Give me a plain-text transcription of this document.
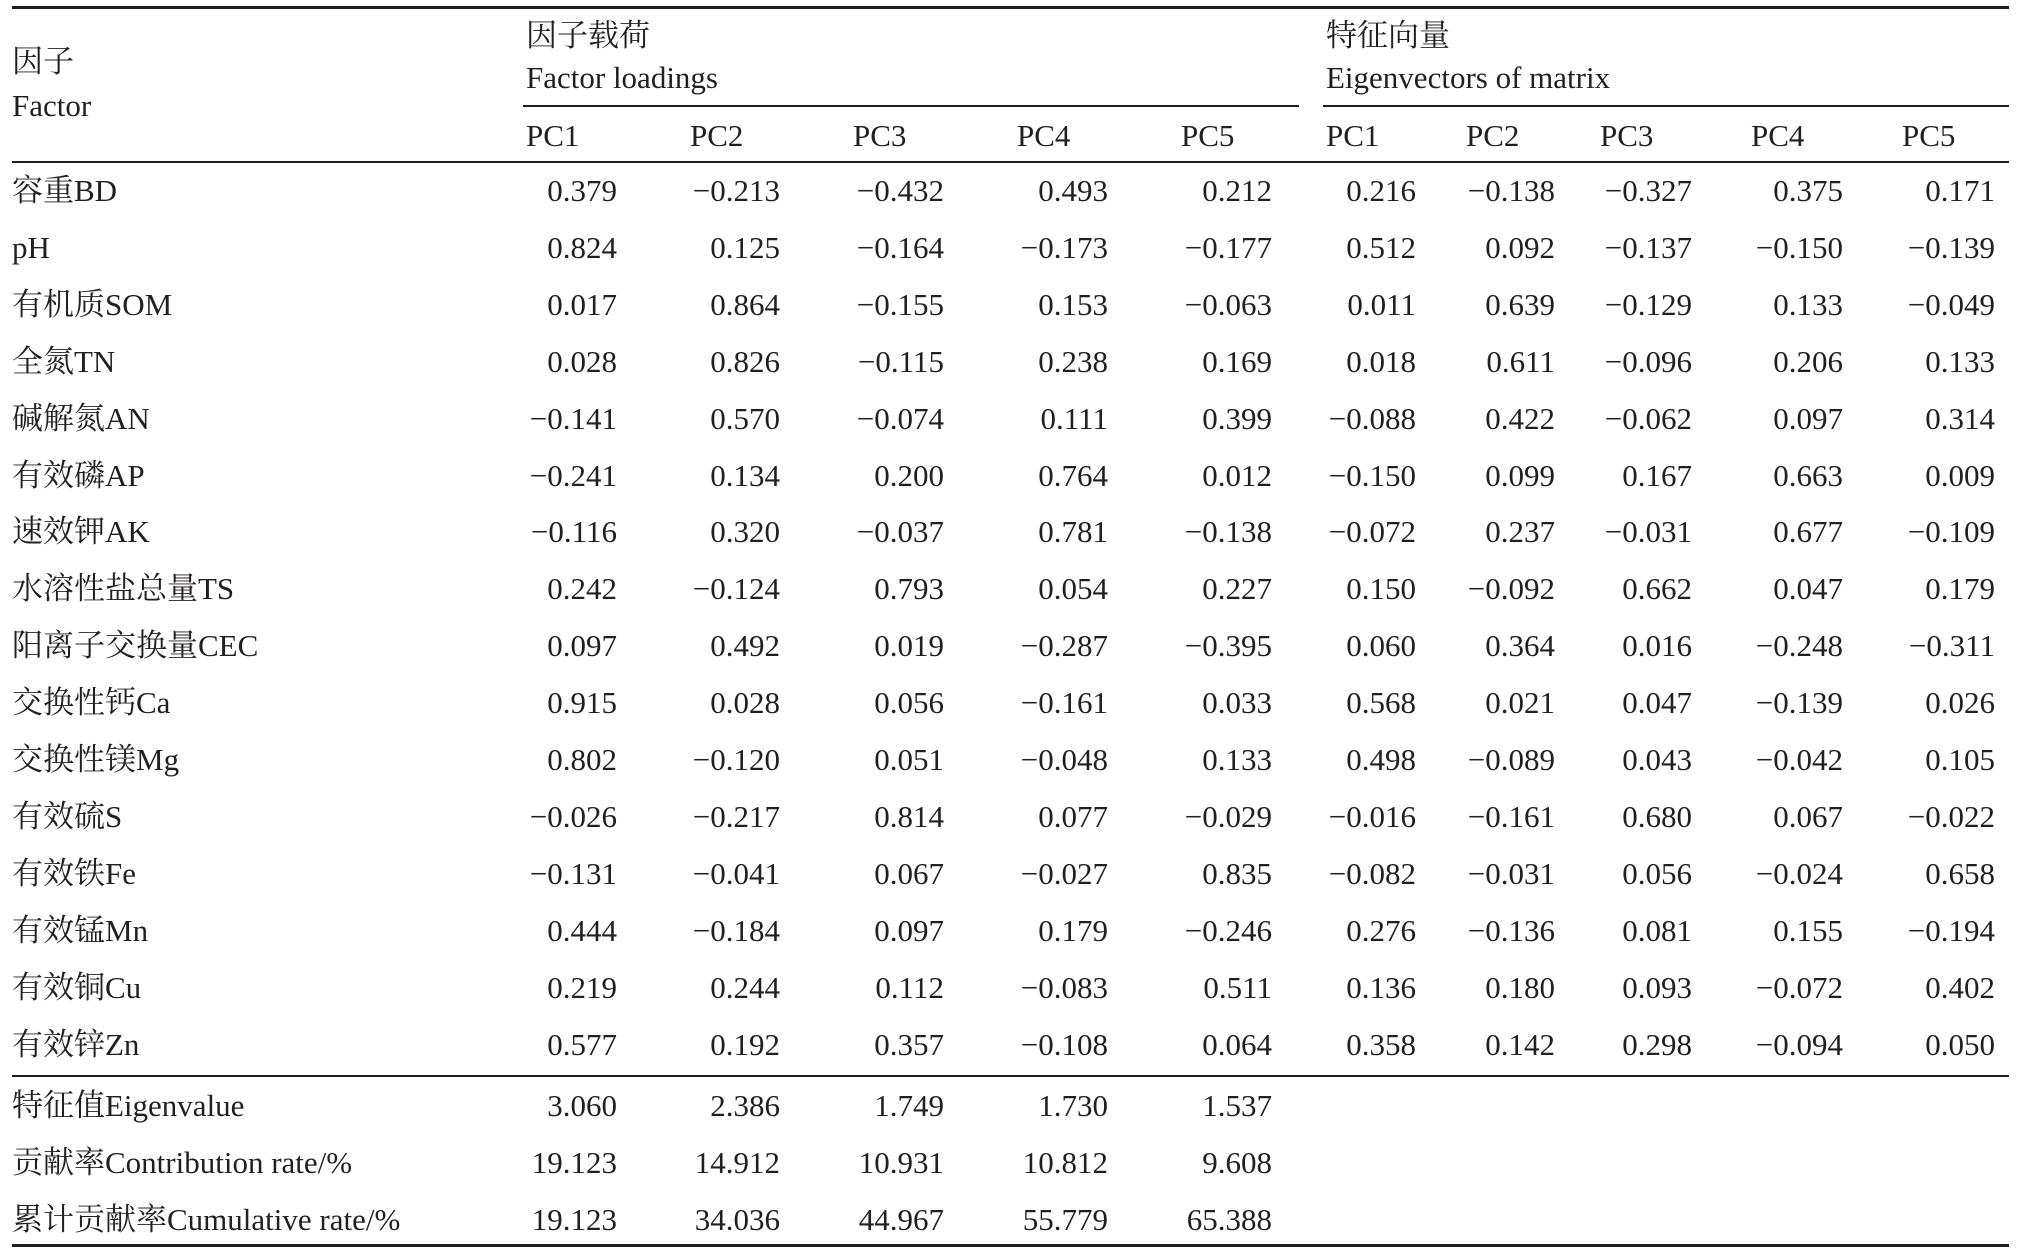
因子
Factor
因子载荷
Factor loadings
特征向量
Eigenvectors of matrix
PC1	PC2	PC3	PC4	PC5	PC1	PC2	PC3	PC4	PC5
容重BD	0.379	−0.213	−0.432	0.493	0.212	0.216	−0.138	−0.327	0.375	0.171
pH	0.824	0.125	−0.164	−0.173	−0.177	0.512	0.092	−0.137	−0.150	−0.139
有机质SOM	0.017	0.864	−0.155	0.153	−0.063	0.011	0.639	−0.129	0.133	−0.049
全氮TN	0.028	0.826	−0.115	0.238	0.169	0.018	0.611	−0.096	0.206	0.133
碱解氮AN	−0.141	0.570	−0.074	0.111	0.399	−0.088	0.422	−0.062	0.097	0.314
有效磷AP	−0.241	0.134	0.200	0.764	0.012	−0.150	0.099	0.167	0.663	0.009
速效钾AK	−0.116	0.320	−0.037	0.781	−0.138	−0.072	0.237	−0.031	0.677	−0.109
水溶性盐总量TS	0.242	−0.124	0.793	0.054	0.227	0.150	−0.092	0.662	0.047	0.179
阳离子交换量CEC	0.097	0.492	0.019	−0.287	−0.395	0.060	0.364	0.016	−0.248	−0.311
交换性钙Ca	0.915	0.028	0.056	−0.161	0.033	0.568	0.021	0.047	−0.139	0.026
交换性镁Mg	0.802	−0.120	0.051	−0.048	0.133	0.498	−0.089	0.043	−0.042	0.105
有效硫S	−0.026	−0.217	0.814	0.077	−0.029	−0.016	−0.161	0.680	0.067	−0.022
有效铁Fe	−0.131	−0.041	0.067	−0.027	0.835	−0.082	−0.031	0.056	−0.024	0.658
有效锰Mn	0.444	−0.184	0.097	0.179	−0.246	0.276	−0.136	0.081	0.155	−0.194
有效铜Cu	0.219	0.244	0.112	−0.083	0.511	0.136	0.180	0.093	−0.072	0.402
有效锌Zn	0.577	0.192	0.357	−0.108	0.064	0.358	0.142	0.298	−0.094	0.050
特征值Eigenvalue	3.060	2.386	1.749	1.730	1.537
贡献率Contribution rate/%	19.123	14.912	10.931	10.812	9.608
累计贡献率Cumulative rate/%	19.123	34.036	44.967	55.779	65.388
